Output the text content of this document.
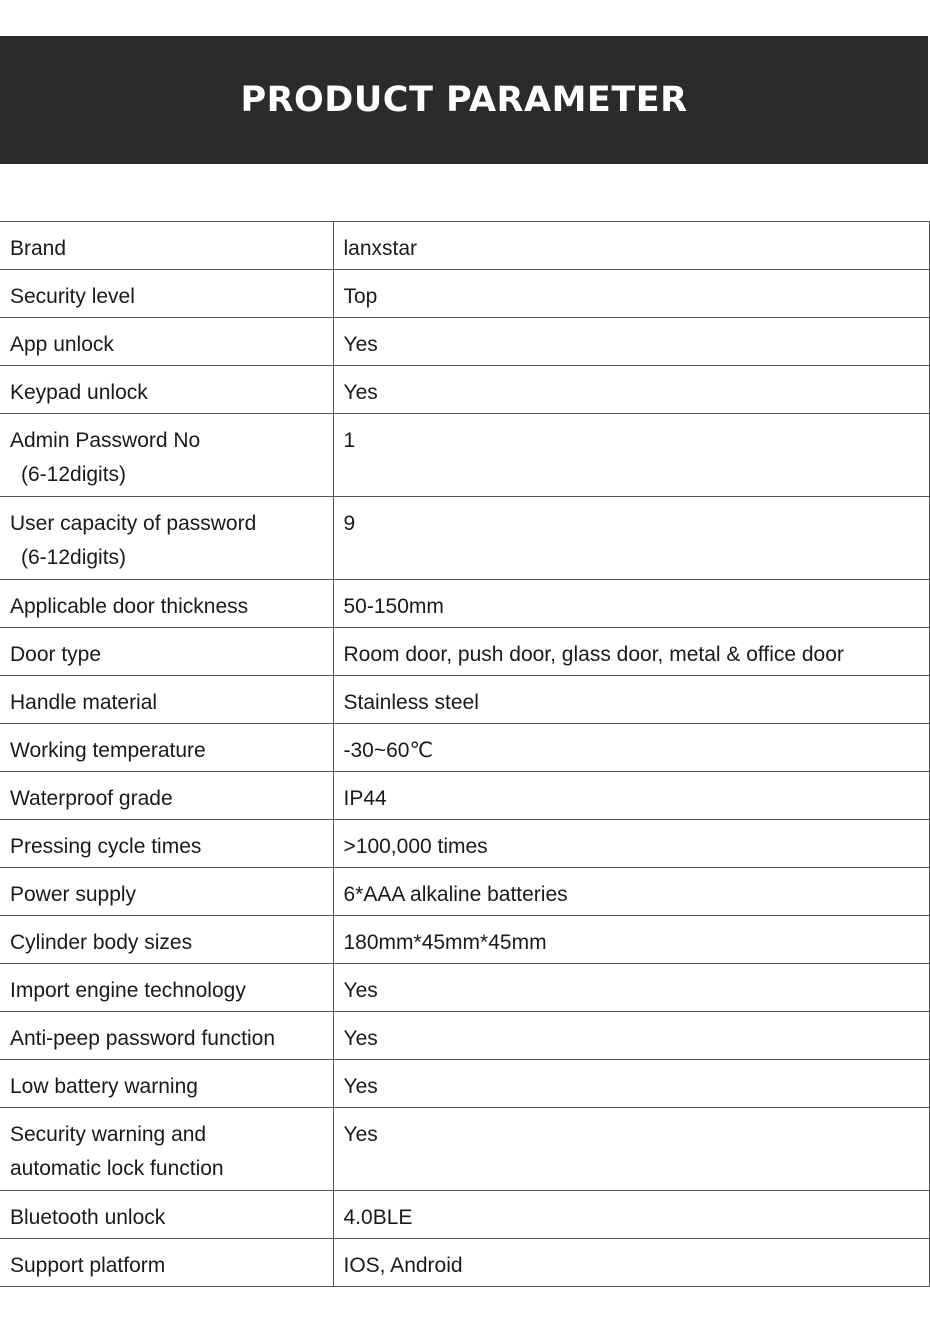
PRODUCT PARAMETER
Brand	lanxstar

Security level	Top

App unlock	Yes

Keypad unlock	Yes

Admin Password No
(6-12digits)	1

User capacity of password
(6-12digits)	9

Applicable door thickness	50-150mm

Door type	Room door, push door, glass door, metal & office door

Handle material	Stainless steel

Working temperature	-30~60℃

Waterproof grade	IP44

Pressing cycle times	>100,000 times

Power supply	6*AAA alkaline batteries

Cylinder body sizes	180mm*45mm*45mm

Import engine technology	Yes

Anti-peep password function	Yes

Low battery warning	Yes

Security warning and
automatic lock function	Yes

Bluetooth unlock	4.0BLE

Support platform	IOS, Android
